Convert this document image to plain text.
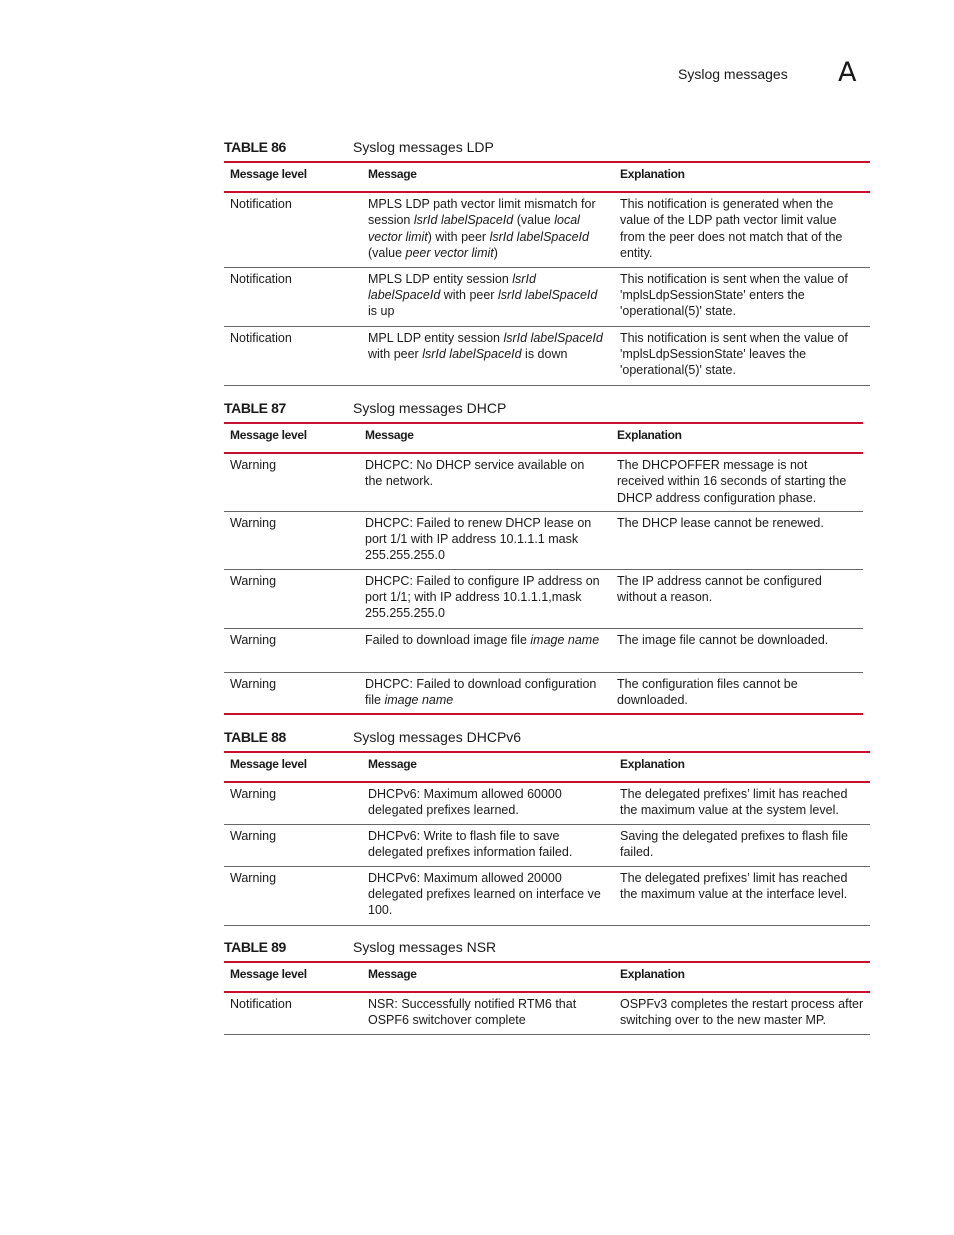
Syslog messages A
TABLE 86	Syslog messages LDP
Message level	Message	Explanation
Notification	MPLS LDP path vector limit mismatch for session lsrId labelSpaceId (value local vector limit) with peer lsrId labelSpaceId (value peer vector limit)	This notification is generated when the value of the LDP path vector limit value from the peer does not match that of the entity.
Notification	MPLS LDP entity session lsrId labelSpaceId with peer lsrId labelSpaceId is up	This notification is sent when the value of 'mplsLdpSessionState' enters the 'operational(5)' state.
Notification	MPL LDP entity session lsrId labelSpaceId with peer lsrId labelSpaceId is down	This notification is sent when the value of 'mplsLdpSessionState' leaves the 'operational(5)' state.
TABLE 87	Syslog messages DHCP
Message level	Message	Explanation
Warning	DHCPC: No DHCP service available on the network.	The DHCPOFFER message is not received within 16 seconds of starting the DHCP address configuration phase.
Warning	DHCPC: Failed to renew DHCP lease on port 1/1 with IP address 10.1.1.1 mask 255.255.255.0	The DHCP lease cannot be renewed.
Warning	DHCPC: Failed to configure IP address on port 1/1; with IP address 10.1.1.1,mask 255.255.255.0	The IP address cannot be configured without a reason.
Warning	Failed to download image file image name	The image file cannot be downloaded.
Warning	DHCPC: Failed to download configuration file image name	The configuration files cannot be downloaded.
TABLE 88	Syslog messages DHCPv6
Message level	Message	Explanation
Warning	DHCPv6: Maximum allowed 60000 delegated prefixes learned.	The delegated prefixes’ limit has reached the maximum value at the system level.
Warning	DHCPv6: Write to flash file to save delegated prefixes information failed.	Saving the delegated prefixes to flash file failed.
Warning	DHCPv6: Maximum allowed 20000 delegated prefixes learned on interface ve 100.	The delegated prefixes’ limit has reached the maximum value at the interface level.
TABLE 89	Syslog messages NSR
Message level	Message	Explanation
Notification	NSR: Successfully notified RTM6 that OSPF6 switchover complete	OSPFv3 completes the restart process after switching over to the new master MP.
